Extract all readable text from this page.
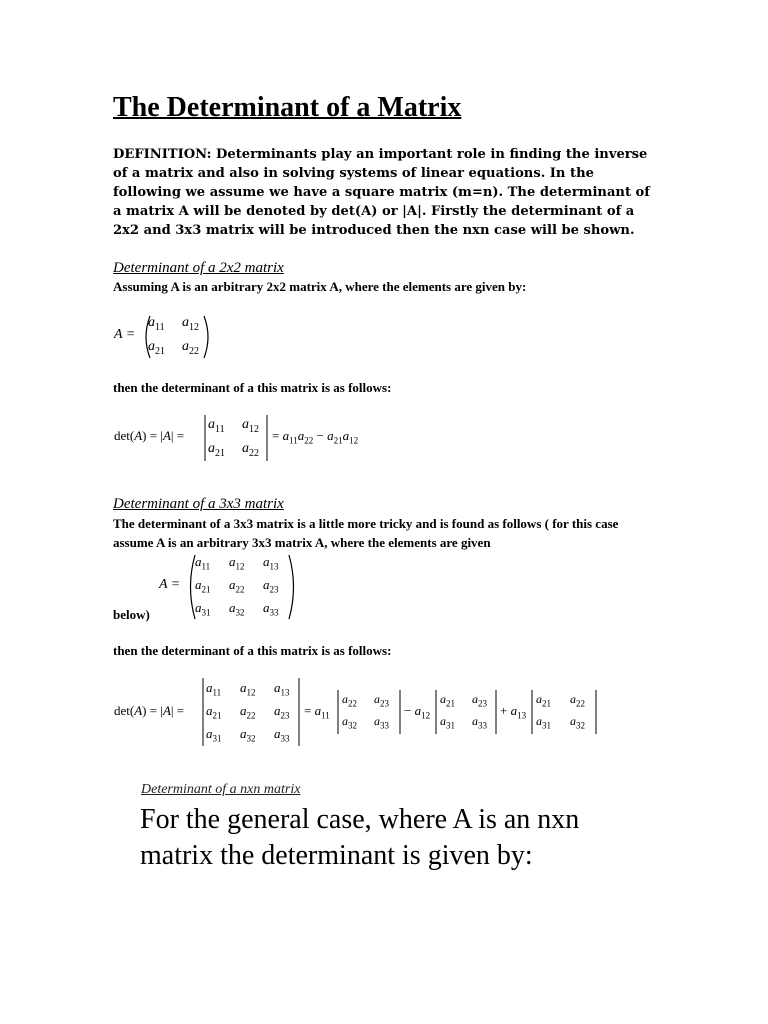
The Determinant of a Matrix
DEFINITION: Determinants play an important role in finding the inverse of a matrix and also in solving systems of linear equations. In the following we assume we have a square matrix (m=n). The determinant of a matrix A will be denoted by det(A) or |A|. Firstly the determinant of a 2x2 and 3x3 matrix will be introduced then the nxn case will be shown.
Determinant of a 2x2 matrix
Assuming A is an arbitrary 2x2 matrix A, where the elements are given by:
A =
$a_{11}$ $a_{12}$
$a_{21}$ $a_{22}$
then the determinant of a this matrix is as follows:
det(A) = |A| =
$a_{11}$ $a_{12}$
$a_{21}$ $a_{22}$
= $a_{11}a_{22} - a_{21}a_{12}$
Determinant of a 3x3 matrix
The determinant of a 3x3 matrix is a little more tricky and is found as follows ( for this case assume A is an arbitrary 3x3 matrix A, where the elements are given
A =
$a_{11}$ $a_{12}$ $a_{13}$
$a_{21}$ $a_{22}$ $a_{23}$
$a_{31}$ $a_{32}$ $a_{33}$
below)
then the determinant of a this matrix is as follows:
det(A) = |A| =
$a_{11}$ $a_{12}$ $a_{13}$
$a_{21}$ $a_{22}$ $a_{23}$
$a_{31}$ $a_{32}$ $a_{33}$
= $a_{11}$
$a_{22}$ $a_{23}$
$a_{32}$ $a_{33}$
− $a_{12}$
$a_{21}$ $a_{23}$
$a_{31}$ $a_{33}$
+ $a_{13}$
$a_{21}$ $a_{22}$
$a_{31}$ $a_{32}$
Determinant of a nxn matrix
For the general case, where A is an nxn matrix the determinant is given by:
